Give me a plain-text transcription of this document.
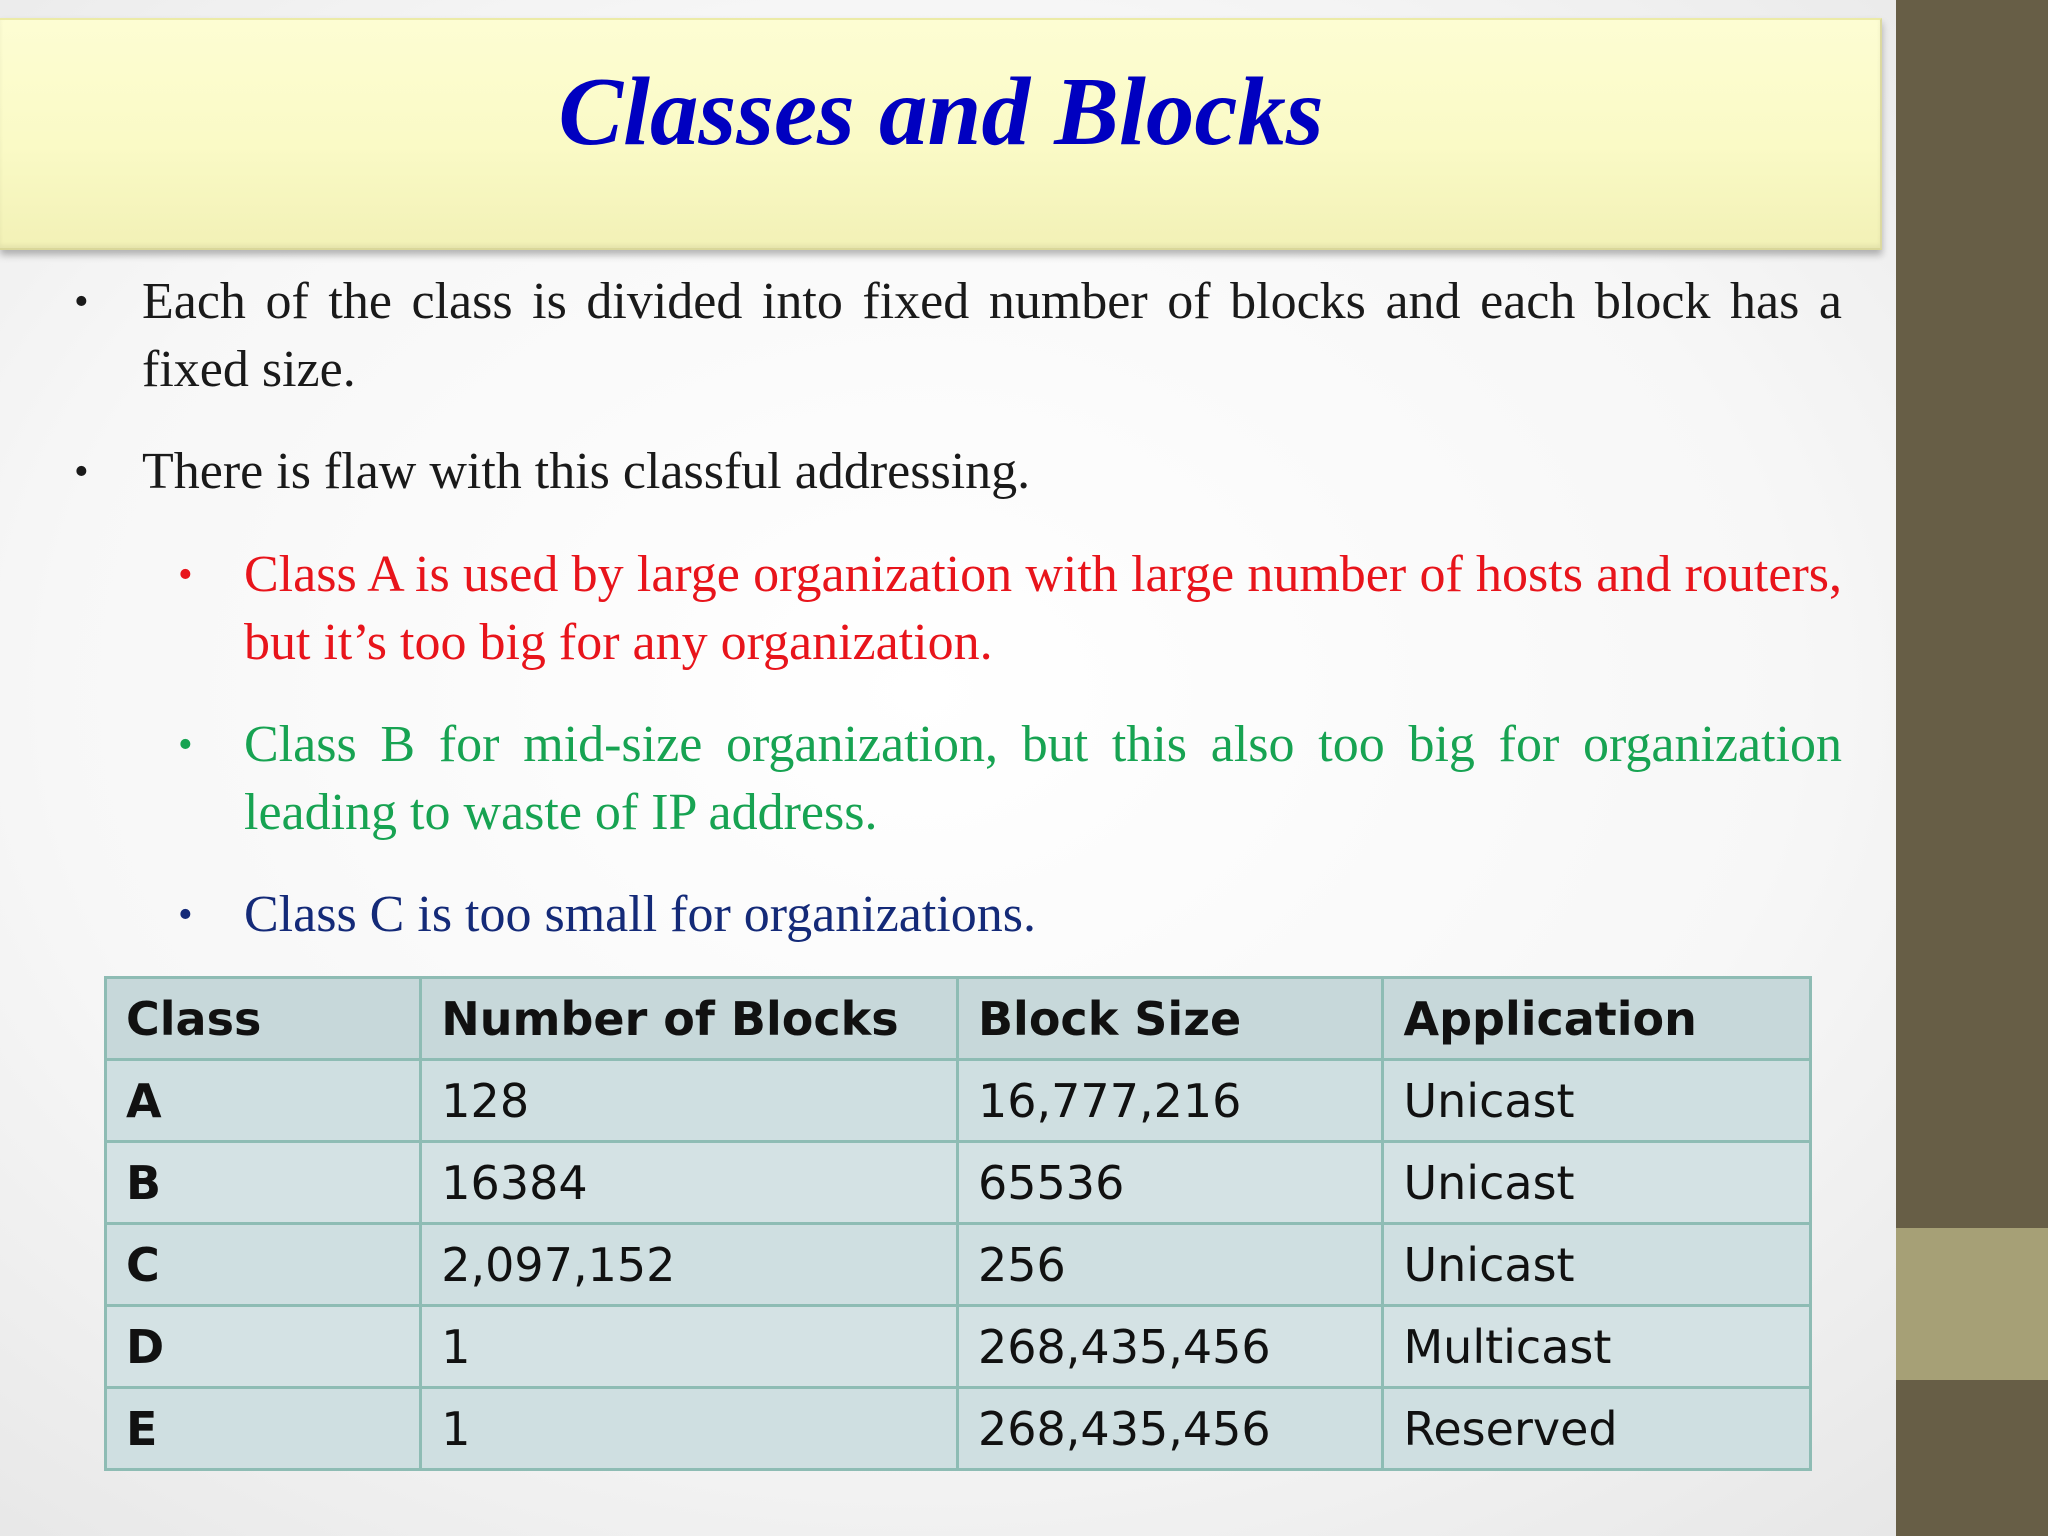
Classes and Blocks
• Each of the class is divided into fixed number of blocks and each block has a fixed size.

• There is flaw with this classful addressing.

• Class A is used by large organization with large number of hosts and routers, but it’s too big for any organization.

• Class B for mid-size organization, but this also too big for organization leading to waste of IP address.

• Class C is too small for organizations.

Class	Number of Blocks	Block Size	Application
A	128	16,777,216	Unicast
B	16384	65536	Unicast
C	2,097,152	256	Unicast
D	1	268,435,456	Multicast
E	1	268,435,456	Reserved
